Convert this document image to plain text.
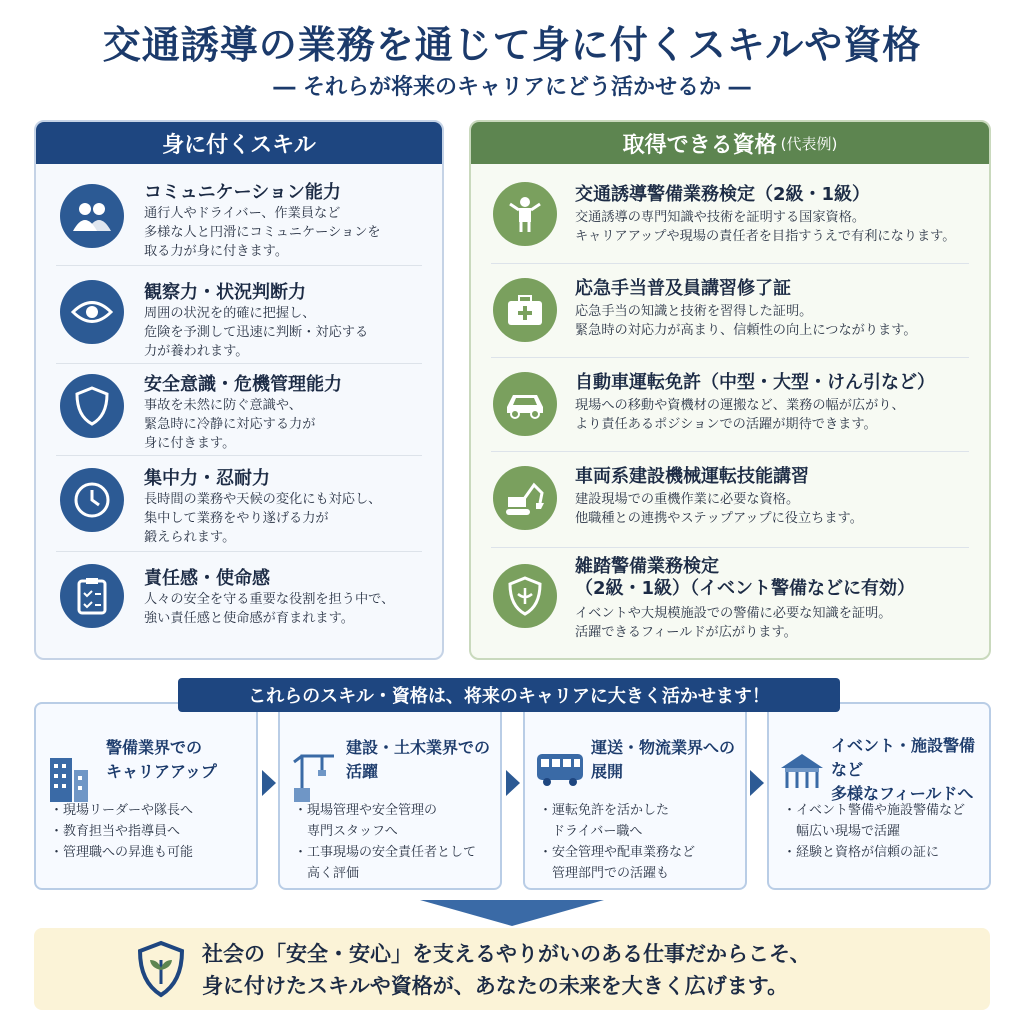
交通誘導の業務を通じて身に付くスキルや資格
― それらが将来のキャリアにどう活かせるか ―
身に付くスキル
コミュニケーション能力
通行人やドライバー、作業員など
多様な人と円滑にコミュニケーションを
取る力が身に付きます。
観察力・状況判断力
周囲の状況を的確に把握し、
危険を予測して迅速に判断・対応する
力が養われます。
安全意識・危機管理能力
事故を未然に防ぐ意識や、
緊急時に冷静に対応する力が
身に付きます。
集中力・忍耐力
長時間の業務や天候の変化にも対応し、
集中して業務をやり遂げる力が
鍛えられます。
責任感・使命感
人々の安全を守る重要な役割を担う中で、
強い責任感と使命感が育まれます。
取得できる資格 (代表例)
交通誘導警備業務検定（2級・1級）
交通誘導の専門知識や技術を証明する国家資格。
キャリアアップや現場の責任者を目指すうえで有利になります。
応急手当普及員講習修了証
応急手当の知識と技術を習得した証明。
緊急時の対応力が高まり、信頼性の向上につながります。
自動車運転免許（中型・大型・けん引など）
現場への移動や資機材の運搬など、業務の幅が広がり、
より責任あるポジションでの活躍が期待できます。
車両系建設機械運転技能講習
建設現場での重機作業に必要な資格。
他職種との連携やステップアップに役立ちます。
雑踏警備業務検定
（2級・1級）（イベント警備などに有効）
イベントや大規模施設での警備に必要な知識を証明。
活躍できるフィールドが広がります。
警備業界での
キャリアアップ
・現場リーダーや隊長へ
・教育担当や指導員へ
・管理職への昇進も可能
建設・土木業界での活躍
・現場管理や安全管理の
　専門スタッフへ
・工事現場の安全責任者として
　高く評価
運送・物流業界への展開
・運転免許を活かした
　ドライバー職へ
・安全管理や配車業務など
　管理部門での活躍も
イベント・施設警備など
多様なフィールドへ
・イベント警備や施設警備など
　幅広い現場で活躍
・経験と資格が信頼の証に
これらのスキル・資格は、将来のキャリアに大きく活かせます！
社会の「安全・安心」を支えるやりがいのある仕事だからこそ、
身に付けたスキルや資格が、あなたの未来を大きく広げます。
